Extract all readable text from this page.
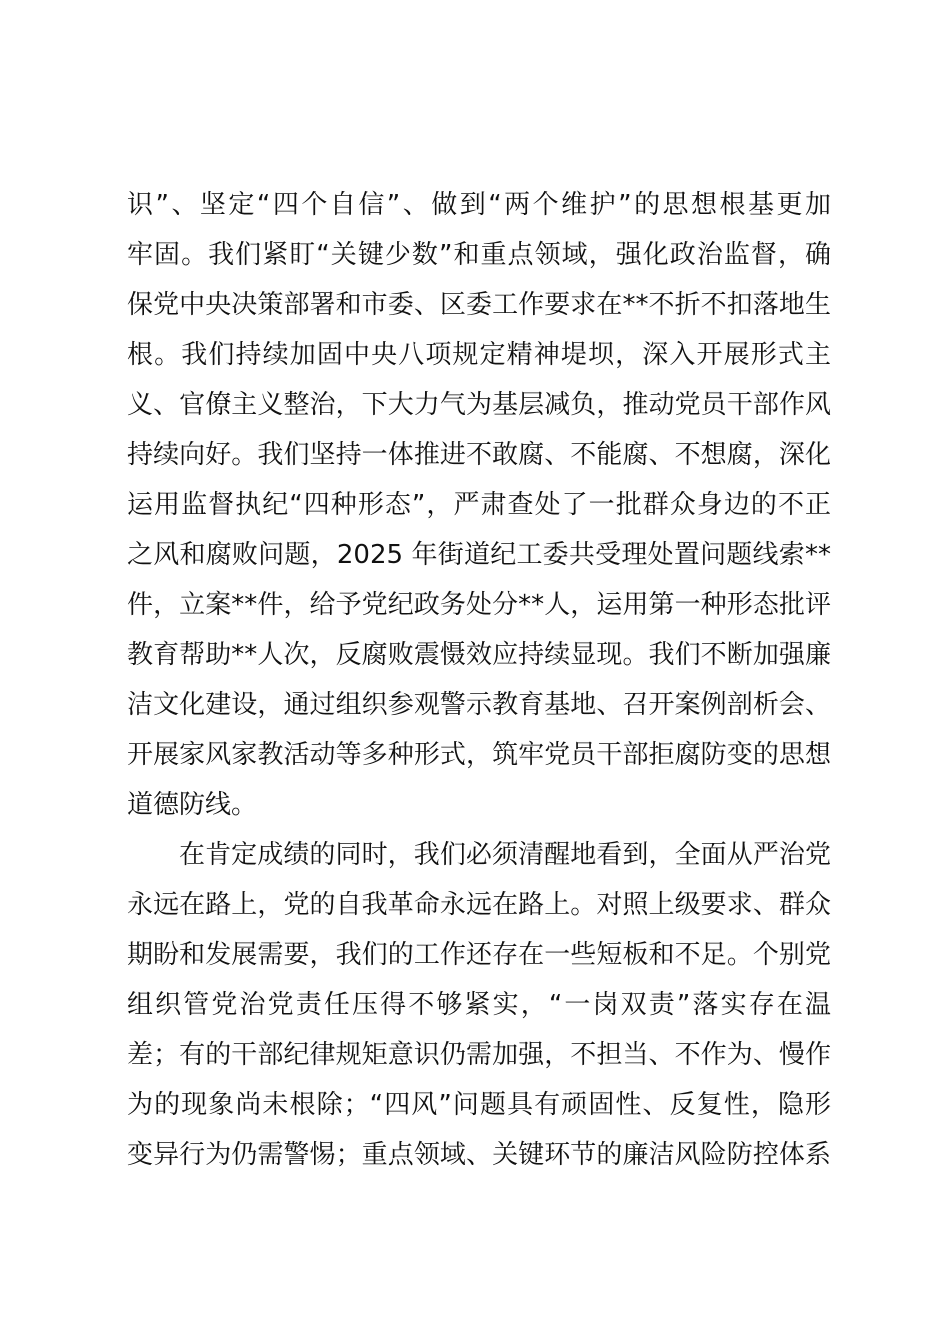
识”、坚定“四个自信”、做到“两个维护”的思想根基更加
牢固。我们紧盯“关键少数”和重点领域，强化政治监督，确
保党中央决策部署和市委、区委工作要求在**不折不扣落地生
根。我们持续加固中央八项规定精神堤坝，深入开展形式主
义、官僚主义整治，下大力气为基层减负，推动党员干部作风
持续向好。我们坚持一体推进不敢腐、不能腐、不想腐，深化
运用监督执纪“四种形态”，严肃查处了一批群众身边的不正
之风和腐败问题，2025 年街道纪工委共受理处置问题线索**
件，立案**件，给予党纪政务处分**人，运用第一种形态批评
教育帮助**人次，反腐败震慑效应持续显现。我们不断加强廉
洁文化建设，通过组织参观警示教育基地、召开案例剖析会、
开展家风家教活动等多种形式，筑牢党员干部拒腐防变的思想
道德防线。
在肯定成绩的同时，我们必须清醒地看到，全面从严治党
永远在路上，党的自我革命永远在路上。对照上级要求、群众
期盼和发展需要，我们的工作还存在一些短板和不足。个别党
组织管党治党责任压得不够紧实，“一岗双责”落实存在温
差；有的干部纪律规矩意识仍需加强，不担当、不作为、慢作
为的现象尚未根除；“四风”问题具有顽固性、反复性，隐形
变异行为仍需警惕；重点领域、关键环节的廉洁风险防控体系
